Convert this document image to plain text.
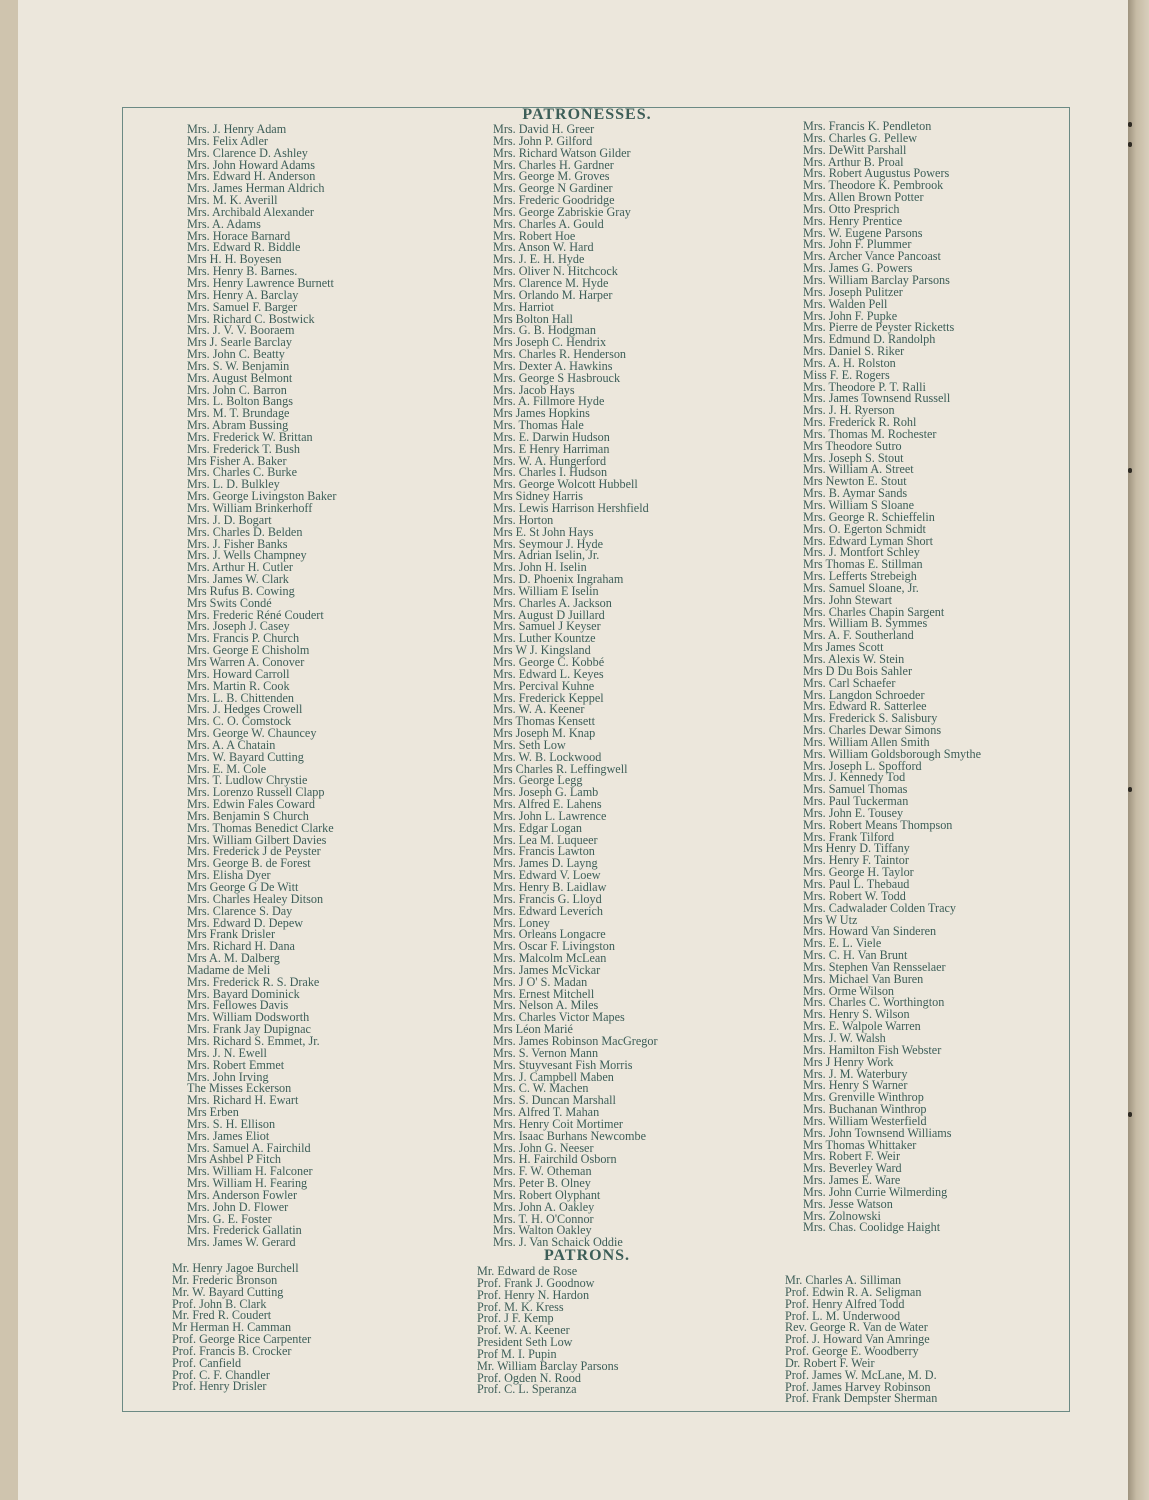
PATRONESSES.
Mrs. J. Henry Adam
Mrs. Felix Adler
Mrs. Clarence D. Ashley
Mrs. John Howard Adams
Mrs. Edward H. Anderson
Mrs. James Herman Aldrich
Mrs. M. K. Averill
Mrs. Archibald Alexander
Mrs. A. Adams
Mrs. Horace Barnard
Mrs. Edward R. Biddle
Mrs H. H. Boyesen
Mrs. Henry B. Barnes.
Mrs. Henry Lawrence Burnett
Mrs. Henry A. Barclay
Mrs. Samuel F. Barger
Mrs. Richard C. Bostwick
Mrs. J. V. V. Booraem
Mrs J. Searle Barclay
Mrs. John C. Beatty
Mrs. S. W. Benjamin
Mrs. August Belmont
Mrs. John C. Barron
Mrs. L. Bolton Bangs
Mrs. M. T. Brundage
Mrs. Abram Bussing
Mrs. Frederick W. Brittan
Mrs. Frederick T. Bush
Mrs Fisher A. Baker
Mrs. Charles C. Burke
Mrs. L. D. Bulkley
Mrs. George Livingston Baker
Mrs. William Brinkerhoff
Mrs. J. D. Bogart
Mrs. Charles D. Belden
Mrs. J. Fisher Banks
Mrs. J. Wells Champney
Mrs. Arthur H. Cutler
Mrs. James W. Clark
Mrs Rufus B. Cowing
Mrs Swits Condé
Mrs. Frederic Réné Coudert
Mrs. Joseph J. Casey
Mrs. Francis P. Church
Mrs. George E Chisholm
Mrs Warren A. Conover
Mrs. Howard Carroll
Mrs. Martin R. Cook
Mrs. L. B. Chittenden
Mrs. J. Hedges Crowell
Mrs. C. O. Comstock
Mrs. George W. Chauncey
Mrs. A. A Chatain
Mrs. W. Bayard Cutting
Mrs. E. M. Cole
Mrs. T. Ludlow Chrystie
Mrs. Lorenzo Russell Clapp
Mrs. Edwin Fales Coward
Mrs. Benjamin S Church
Mrs. Thomas Benedict Clarke
Mrs. William Gilbert Davies
Mrs. Frederick J de Peyster
Mrs. George B. de Forest
Mrs. Elisha Dyer
Mrs George G De Witt
Mrs. Charles Healey Ditson
Mrs. Clarence S. Day
Mrs. Edward D. Depew
Mrs Frank Drisler
Mrs. Richard H. Dana
Mrs A. M. Dalberg
Madame de Meli
Mrs. Frederick R. S. Drake
Mrs. Bayard Dominick
Mrs. Fellowes Davis
Mrs. William Dodsworth
Mrs. Frank Jay Dupignac
Mrs. Richard S. Emmet, Jr.
Mrs. J. N. Ewell
Mrs. Robert Emmet
Mrs. John Irving
The Misses Eckerson
Mrs. Richard H. Ewart
Mrs Erben
Mrs. S. H. Ellison
Mrs. James Eliot
Mrs. Samuel A. Fairchild
Mrs Ashbel P Fitch
Mrs. William H. Falconer
Mrs. William H. Fearing
Mrs. Anderson Fowler
Mrs. John D. Flower
Mrs. G. E. Foster
Mrs. Frederick Gallatin
Mrs. James W. Gerard
Mrs. David H. Greer
Mrs. John P. Gilford
Mrs. Richard Watson Gilder
Mrs. Charles H. Gardner
Mrs. George M. Groves
Mrs. George N Gardiner
Mrs. Frederic Goodridge
Mrs. George Zabriskie Gray
Mrs. Charles A. Gould
Mrs. Robert Hoe
Mrs. Anson W. Hard
Mrs. J. E. H. Hyde
Mrs. Oliver N. Hitchcock
Mrs. Clarence M. Hyde
Mrs. Orlando M. Harper
Mrs. Harriot
Mrs Bolton Hall
Mrs. G. B. Hodgman
Mrs Joseph C. Hendrix
Mrs. Charles R. Henderson
Mrs. Dexter A. Hawkins
Mrs. George S Hasbrouck
Mrs. Jacob Hays
Mrs. A. Fillmore Hyde
Mrs James Hopkins
Mrs. Thomas Hale
Mrs. E. Darwin Hudson
Mrs. E Henry Harriman
Mrs. W. A. Hungerford
Mrs. Charles I. Hudson
Mrs. George Wolcott Hubbell
Mrs Sidney Harris
Mrs. Lewis Harrison Hershfield
Mrs. Horton
Mrs E. St John Hays
Mrs. Seymour J. Hyde
Mrs. Adrian Iselin, Jr.
Mrs. John H. Iselin
Mrs. D. Phoenix Ingraham
Mrs. William E Iselin
Mrs. Charles A. Jackson
Mrs. August D Juillard
Mrs. Samuel J Keyser
Mrs. Luther Kountze
Mrs W J. Kingsland
Mrs. George C. Kobbé
Mrs. Edward L. Keyes
Mrs. Percival Kuhne
Mrs. Frederick Keppel
Mrs. W. A. Keener
Mrs Thomas Kensett
Mrs Joseph M. Knap
Mrs. Seth Low
Mrs. W. B. Lockwood
Mrs Charles R. Leffingwell
Mrs. George Legg
Mrs. Joseph G. Lamb
Mrs. Alfred E. Lahens
Mrs. John L. Lawrence
Mrs. Edgar Logan
Mrs. Lea M. Luqueer
Mrs. Francis Lawton
Mrs. James D. Layng
Mrs. Edward V. Loew
Mrs. Henry B. Laidlaw
Mrs. Francis G. Lloyd
Mrs. Edward Leverich
Mrs. Loney
Mrs. Orleans Longacre
Mrs. Oscar F. Livingston
Mrs. Malcolm McLean
Mrs. James McVickar
Mrs. J O' S. Madan
Mrs. Ernest Mitchell
Mrs. Nelson A. Miles
Mrs. Charles Victor Mapes
Mrs Léon Marié
Mrs. James Robinson MacGregor
Mrs. S. Vernon Mann
Mrs. Stuyvesant Fish Morris
Mrs. J. Campbell Maben
Mrs. C. W. Machen
Mrs. S. Duncan Marshall
Mrs. Alfred T. Mahan
Mrs. Henry Coit Mortimer
Mrs. Isaac Burhans Newcombe
Mrs. John G. Neeser
Mrs. H. Fairchild Osborn
Mrs. F. W. Otheman
Mrs. Peter B. Olney
Mrs. Robert Olyphant
Mrs. John A. Oakley
Mrs. T. H. O'Connor
Mrs. Walton Oakley
Mrs. J. Van Schaick Oddie
Mrs. Francis K. Pendleton
Mrs. Charles G. Pellew
Mrs. DeWitt Parshall
Mrs. Arthur B. Proal
Mrs. Robert Augustus Powers
Mrs. Theodore K. Pembrook
Mrs. Allen Brown Potter
Mrs. Otto Presprich
Mrs. Henry Prentice
Mrs. W. Eugene Parsons
Mrs. John F. Plummer
Mrs. Archer Vance Pancoast
Mrs. James G. Powers
Mrs. William Barclay Parsons
Mrs. Joseph Pulitzer
Mrs. Walden Pell
Mrs. John F. Pupke
Mrs. Pierre de Peyster Ricketts
Mrs. Edmund D. Randolph
Mrs. Daniel S. Riker
Mrs. A. H. Rolston
Miss F. E. Rogers
Mrs. Theodore P. T. Ralli
Mrs. James Townsend Russell
Mrs. J. H. Ryerson
Mrs. Frederick R. Rohl
Mrs. Thomas M. Rochester
Mrs Theodore Sutro
Mrs. Joseph S. Stout
Mrs. William A. Street
Mrs Newton E. Stout
Mrs. B. Aymar Sands
Mrs. William S Sloane
Mrs. George R. Schieffelin
Mrs. O. Egerton Schmidt
Mrs. Edward Lyman Short
Mrs. J. Montfort Schley
Mrs Thomas E. Stillman
Mrs. Lefferts Strebeigh
Mrs. Samuel Sloane, Jr.
Mrs. John Stewart
Mrs. Charles Chapin Sargent
Mrs. William B. Symmes
Mrs. A. F. Southerland
Mrs James Scott
Mrs. Alexis W. Stein
Mrs D Du Bois Sahler
Mrs. Carl Schaefer
Mrs. Langdon Schroeder
Mrs. Edward R. Satterlee
Mrs. Frederick S. Salisbury
Mrs. Charles Dewar Simons
Mrs. William Allen Smith
Mrs. William Goldsborough Smythe
Mrs. Joseph L. Spofford
Mrs. J. Kennedy Tod
Mrs. Samuel Thomas
Mrs. Paul Tuckerman
Mrs. John E. Tousey
Mrs. Robert Means Thompson
Mrs. Frank Tilford
Mrs Henry D. Tiffany
Mrs. Henry F. Taintor
Mrs. George H. Taylor
Mrs. Paul L. Thebaud
Mrs. Robert W. Todd
Mrs. Cadwalader Colden Tracy
Mrs W Utz
Mrs. Howard Van Sinderen
Mrs. E. L. Viele
Mrs. C. H. Van Brunt
Mrs. Stephen Van Rensselaer
Mrs. Michael Van Buren
Mrs. Orme Wilson
Mrs. Charles C. Worthington
Mrs. Henry S. Wilson
Mrs. E. Walpole Warren
Mrs. J. W. Walsh
Mrs. Hamilton Fish Webster
Mrs J Henry Work
Mrs. J. M. Waterbury
Mrs. Henry S Warner
Mrs. Grenville Winthrop
Mrs. Buchanan Winthrop
Mrs. William Westerfield
Mrs. John Townsend Williams
Mrs Thomas Whittaker
Mrs. Robert F. Weir
Mrs. Beverley Ward
Mrs. James E. Ware
Mrs. John Currie Wilmerding
Mrs. Jesse Watson
Mrs. Zolnowski
Mrs. Chas. Coolidge Haight
PATRONS.
Mr. Henry Jagoe Burchell
Mr. Frederic Bronson
Mr. W. Bayard Cutting
Prof. John B. Clark
Mr. Fred R. Coudert
Mr Herman H. Camman
Prof. George Rice Carpenter
Prof. Francis B. Crocker
Prof. Canfield
Prof. C. F. Chandler
Prof. Henry Drisler
Mr. Edward de Rose
Prof. Frank J. Goodnow
Prof. Henry N. Hardon
Prof. M. K. Kress
Prof. J F. Kemp
Prof. W. A. Keener
President Seth Low
Prof M. I. Pupin
Mr. William Barclay Parsons
Prof. Ogden N. Rood
Prof. C. L. Speranza
Mr. Charles A. Silliman
Prof. Edwin R. A. Seligman
Prof. Henry Alfred Todd
Prof. L. M. Underwood
Rev. George R. Van de Water
Prof. J. Howard Van Amringe
Prof. George E. Woodberry
Dr. Robert F. Weir
Prof. James W. McLane, M. D.
Prof. James Harvey Robinson
Prof. Frank Dempster Sherman
